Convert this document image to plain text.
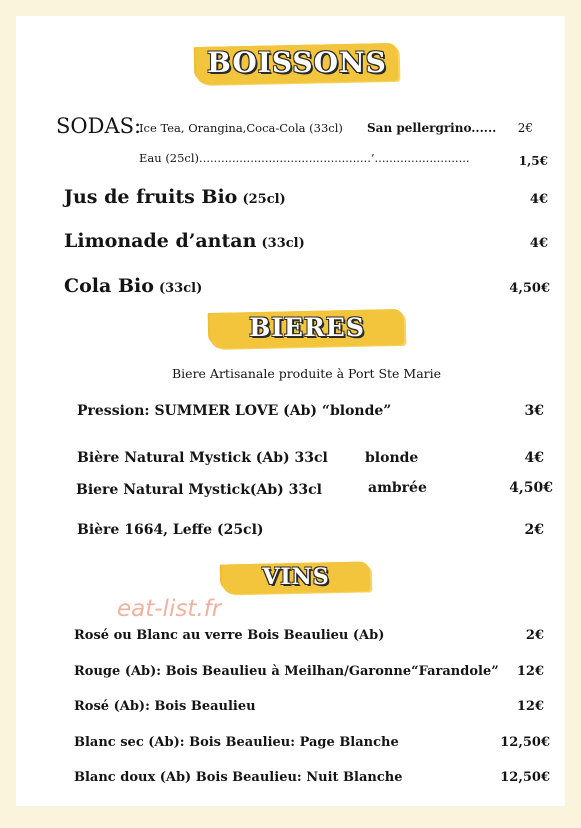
BOISSONS
SODAS:
Ice Tea, Orangina,Coca-Cola (33cl) San pellergrino...... 2€
Eau (25cl)...............................................’..........................	1,5€
Jus de fruits Bio (25cl)	4€
Limonade d’antan (33cl)	4€
Cola Bio (33cl)	4,50€
BIERES
Biere Artisanale produite à Port Ste Marie
Pression: SUMMER LOVE (Ab) “blonde”	3€
Bière Natural Mystick (Ab) 33cl	blonde	4€
Biere Natural Mystick(Ab) 33cl	ambrée	4,50€
Bière 1664, Leffe (25cl)	2€
VINS
eat-list.fr
Rosé ou Blanc au verre Bois Beaulieu (Ab)	2€
Rouge (Ab): Bois Beaulieu à Meilhan/Garonne“Farandole” 12€
Rosé (Ab): Bois Beaulieu	12€
Blanc sec (Ab): Bois Beaulieu: Page Blanche	12,50€
Blanc doux (Ab) Bois Beaulieu: Nuit Blanche	12,50€
